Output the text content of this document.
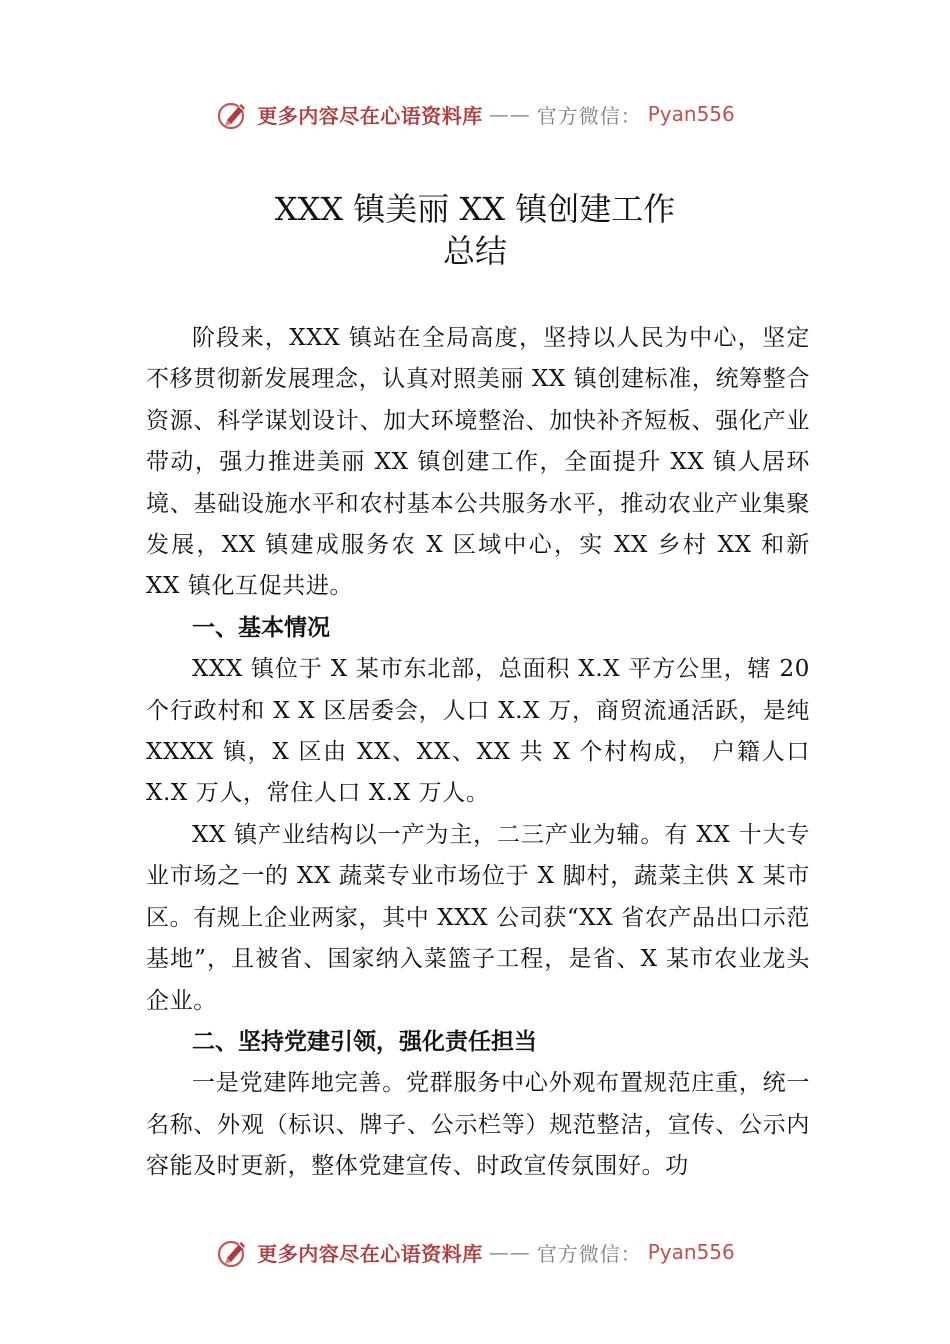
更多内容尽在心语资料库 —— 官方微信： Pyan556
XXX 镇美丽 XX 镇创建工作
总结

阶段来，XXX 镇站在全局高度，坚持以人民为中心，坚定不移贯彻新发展理念，认真对照美丽 XX 镇创建标准，统筹整合资源、科学谋划设计、加大环境整治、加快补齐短板、强化产业带动，强力推进美丽 XX 镇创建工作，全面提升 XX 镇人居环境、基础设施水平和农村基本公共服务水平，推动农业产业集聚发展，XX 镇建成服务农 X 区域中心，实 XX 乡村 XX 和新 XX 镇化互促共进。

一、基本情况

XXX 镇位于 X 某市东北部，总面积 X.X 平方公里，辖 20 个行政村和 X X 区居委会，人口 X.X 万，商贸流通活跃，是纯 XXXX 镇，X 区由 XX、XX、XX 共 X 个村构成， 户籍人口 X.X 万人，常住人口 X.X 万人。

XX 镇产业结构以一产为主，二三产业为辅。有 XX 十大专业市场之一的 XX 蔬菜专业市场位于 X 脚村，蔬菜主供 X 某市区。有规上企业两家，其中 XXX 公司获“XX 省农产品出口示范基地”，且被省、国家纳入菜篮子工程，是省、X 某市农业龙头企业。

二、坚持党建引领，强化责任担当

一是党建阵地完善。党群服务中心外观布置规范庄重，统一名称、外观（标识、牌子、公示栏等）规范整洁，宣传、公示内容能及时更新，整体党建宣传、时政宣传氛围好。功

更多内容尽在心语资料库 —— 官方微信： Pyan556
